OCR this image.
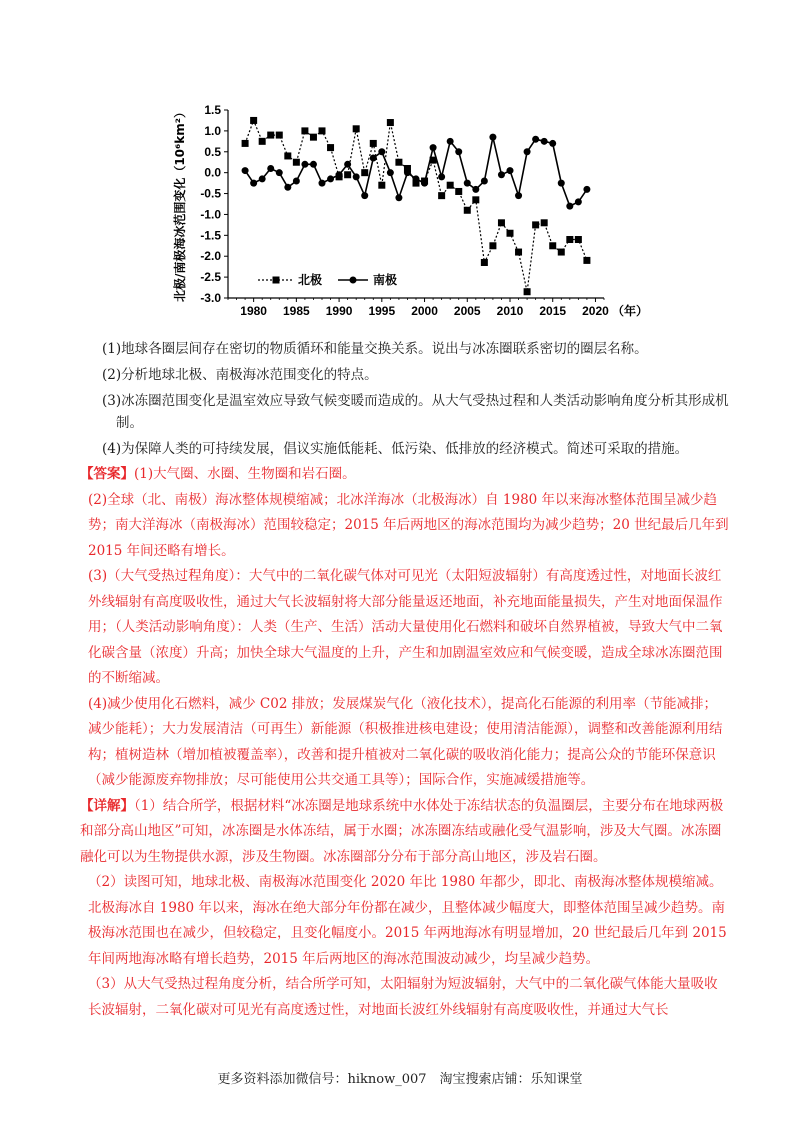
1.5
1.0
0.5
0.0
-0.5
-1.0
-1.5
-2.0
-2.5
-3.0
1980 1985 1990 1995 2000 2005 2010 2015 2020 （年）
北极/南极海冰范围变化（10⁶km²）	北极	南极
(1)地球各圈层间存在密切的物质循环和能量交换关系。说出与冰冻圈联系密切的圈层名称。
(2)分析地球北极、南极海冰范围变化的特点。
(3)冰冻圈范围变化是温室效应导致气候变暖而造成的。从大气受热过程和人类活动影响角度分析其形成机
制。
(4)为保障人类的可持续发展，倡议实施低能耗、低污染、低排放的经济模式。简述可采取的措施。

【答案】(1)大气圈、水圈、生物圈和岩石圈。

(2)全球（北、南极）海冰整体规模缩减；北冰洋海冰（北极海冰）自 1980 年以来海冰整体范围呈减少趋势；南大洋海冰（南极海冰）范围较稳定；2015 年后两地区的海冰范围均为减少趋势；20 世纪最后几年到 2015 年间还略有增长。

(3)（大气受热过程角度）：大气中的二氧化碳气体对可见光（太阳短波辐射）有高度透过性，对地面长波红外线辐射有高度吸收性，通过大气长波辐射将大部分能量返还地面，补充地面能量损失，产生对地面保温作用；（人类活动影响角度）：人类（生产、生活）活动大量使用化石燃料和破坏自然界植被，导致大气中二氧化碳含量（浓度）升高；加快全球大气温度的上升，产生和加剧温室效应和气候变暖，造成全球冰冻圈范围的不断缩减。

(4)减少使用化石燃料，减少 C02 排放；发展煤炭气化（液化技术），提高化石能源的利用率（节能减排；减少能耗）；大力发展清洁（可再生）新能源（积极推进核电建设；使用清洁能源），调整和改善能源利用结构；植树造林（增加植被覆盖率），改善和提升植被对二氧化碳的吸收消化能力；提高公众的节能环保意识（减少能源废弃物排放；尽可能使用公共交通工具等）；国际合作，实施减缓措施等。

【详解】（1）结合所学，根据材料“冰冻圈是地球系统中水体处于冻结状态的负温圈层，主要分布在地球两极和部分高山地区”可知，冰冻圈是水体冻结，属于水圈；冰冻圈冻结或融化受气温影响，涉及大气圈。冰冻圈融化可以为生物提供水源，涉及生物圈。冰冻圈部分分布于部分高山地区，涉及岩石圈。

（2）读图可知，地球北极、南极海冰范围变化 2020 年比 1980 年都少，即北、南极海冰整体规模缩减。北极海冰自 1980 年以来，海冰在绝大部分年份都在减少，且整体减少幅度大，即整体范围呈减少趋势。南极海冰范围也在减少，但较稳定，且变化幅度小。2015 年两地海冰有明显增加，20 世纪最后几年到 2015 年间两地海冰略有增长趋势，2015 年后两地区的海冰范围波动减少，均呈减少趋势。

（3）从大气受热过程角度分析，结合所学可知，太阳辐射为短波辐射，大气中的二氧化碳气体能大量吸收长波辐射，二氧化碳对可见光有高度透过性，对地面长波红外线辐射有高度吸收性，并通过大气长

更多资料添加微信号：hiknow_007　淘宝搜索店铺：乐知课堂
